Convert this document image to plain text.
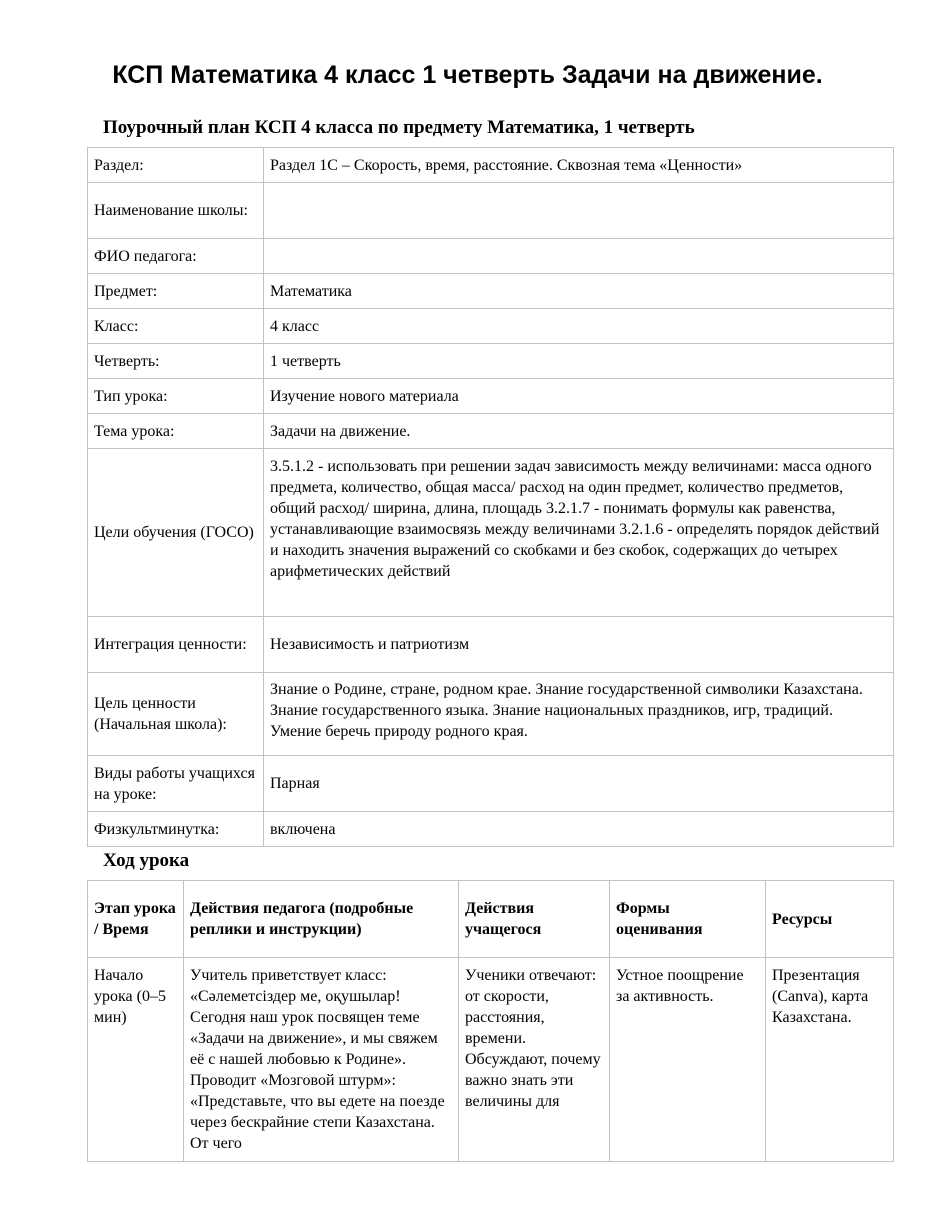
КСП Математика 4 класс 1 четверть Задачи на движение.
Поурочный план КСП 4 класса по предмету Математика, 1 четверть
Раздел:	Раздел 1С – Скорость, время, расстояние. Сквозная тема «Ценности»
Наименование школы:	
ФИО педагога:	
Предмет:	Математика
Класс:	4 класс
Четверть:	1 четверть
Тип урока:	Изучение нового материала
Тема урока:	Задачи на движение.
Цели обучения (ГОСО)	3.5.1.2 - использовать при решении задач зависимость между величинами: масса одного предмета, количество, общая масса/ расход на один предмет, количество предметов, общий расход/ ширина, длина, площадь 3.2.1.7 - понимать формулы как равенства, устанавливающие взаимосвязь между величинами 3.2.1.6 - определять порядок действий и находить значения выражений со скобками и без скобок, содержащих до четырех арифметических действий
Интеграция ценности:	Независимость и патриотизм
Цель ценности (Начальная школа):	Знание о Родине, стране, родном крае. Знание государственной символики Казахстана. Знание государственного языка. Знание национальных праздников, игр, традиций. Умение беречь природу родного края.
Виды работы учащихся на уроке:	Парная
Физкультминутка:	включена
Ход урока
Этап урока / Время	Действия педагога (подробные реплики и инструкции)	Действия учащегося	Формы оценивания	Ресурсы
Начало урока (0–5 мин)	Учитель приветствует класс: «Сәлеметсіздер ме, оқушылар! Сегодня наш урок посвящен теме «Задачи на движение», и мы свяжем её с нашей любовью к Родине». Проводит «Мозговой штурм»: «Представьте, что вы едете на поезде через бескрайние степи Казахстана. От чего	Ученики отвечают: от скорости, расстояния, времени. Обсуждают, почему важно знать эти величины для	Устное поощрение за активность.	Презентация (Canva), карта Казахстана.
